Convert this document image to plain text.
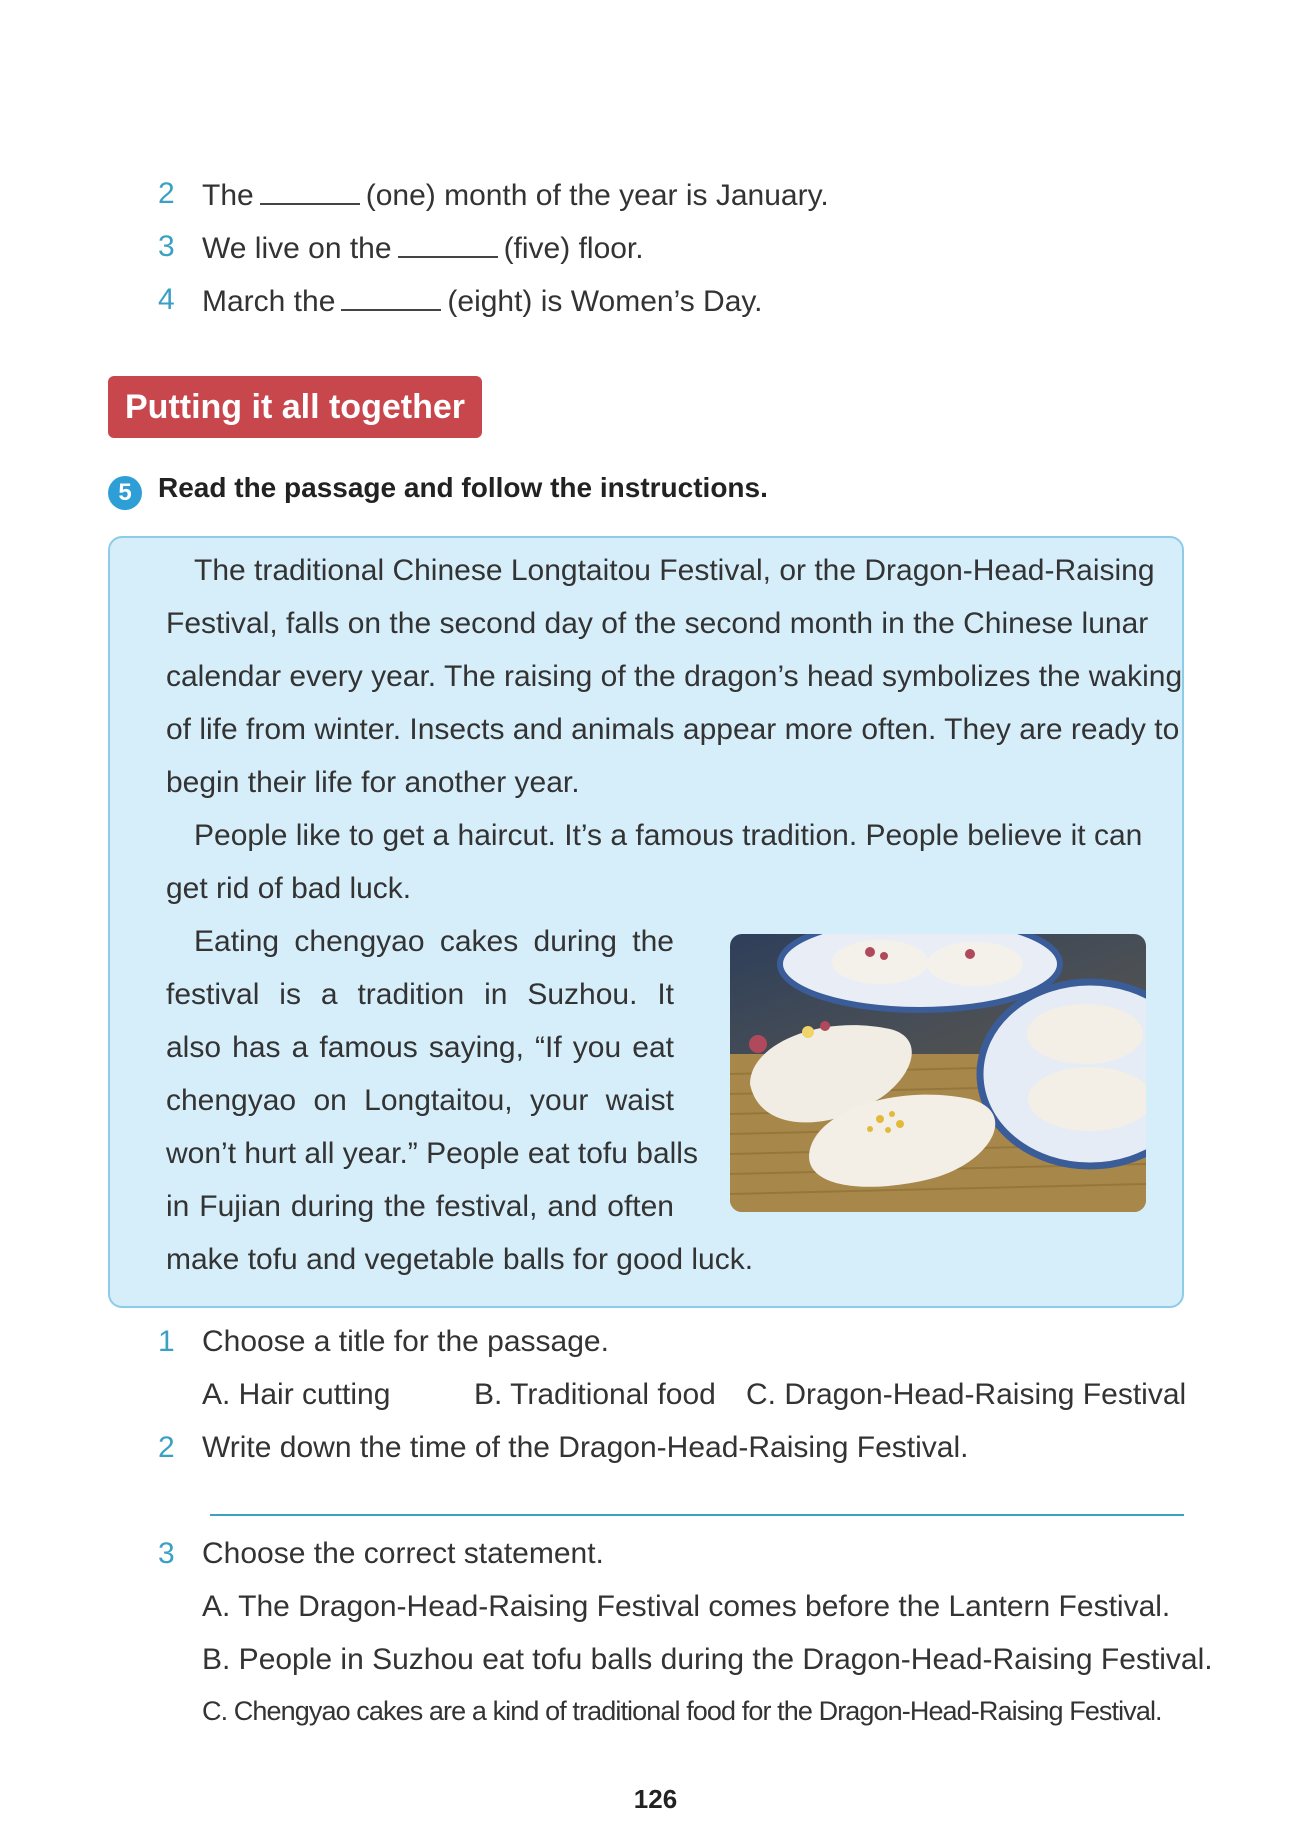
2 The	(one) month of the year is January.
3 We live on the	(five) floor.
4 March the	(eight) is Women’s Day.
Putting it all together
5 Read the passage and follow the instructions.
The traditional Chinese Longtaitou Festival, or the Dragon-Head-Raising
Festival, falls on the second day of the second month in the Chinese lunar
calendar every year. The raising of the dragon’s head symbolizes the waking
of life from winter. Insects and animals appear more often. They are ready to
begin their life for another year.
People like to get a haircut. It’s a famous tradition. People believe it can
get rid of bad luck.
Eating chengyao cakes during the
festival is a tradition in Suzhou. It
also has a famous saying, “If you eat
chengyao on Longtaitou, your waist
won’t hurt all year.” People eat tofu balls
in Fujian during the festival, and often
make tofu and vegetable balls for good luck.
1 Choose a title for the passage.
A. Hair cutting	B. Traditional food C. Dragon-Head-Raising Festival
2 Write down the time of the Dragon-Head-Raising Festival.
3 Choose the correct statement.
A. The Dragon-Head-Raising Festival comes before the Lantern Festival.
B. People in Suzhou eat tofu balls during the Dragon-Head-Raising Festival.
C. Chengyao cakes are a kind of traditional food for the Dragon-Head-Raising Festival.
126
